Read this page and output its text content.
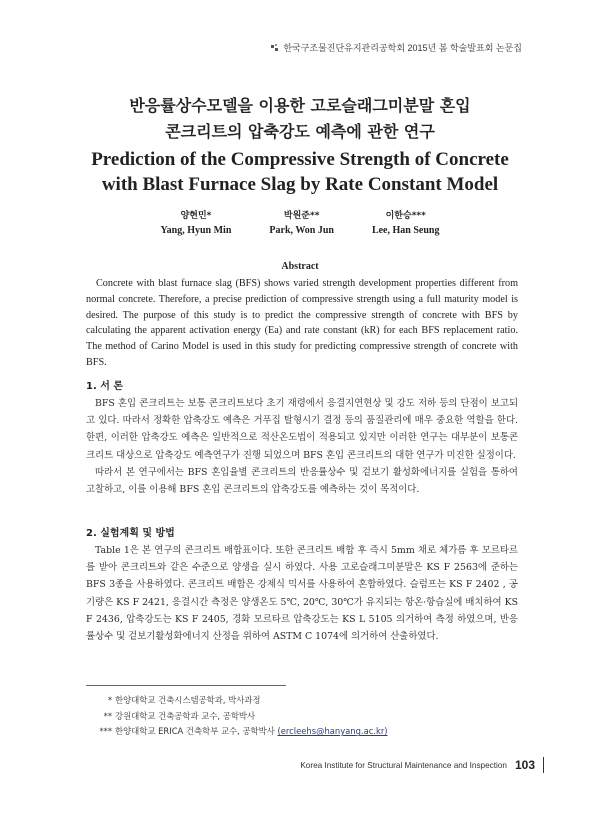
한국구조물진단유지관리공학회 2015년 봄 학술발표회 논문집
반응률상수모델을 이용한 고로슬래그미분말 혼입
콘크리트의 압축강도 예측에 관한 연구
Prediction of the Compressive Strength of Concrete
with Blast Furnace Slag by Rate Constant Model
양현민*
Yang, Hyun Min
박원준**
Park, Won Jun
이한승***
Lee, Han Seung
Abstract

Concrete with blast furnace slag (BFS) shows varied strength development properties different from normal concrete. Therefore, a precise prediction of compressive strength using a full maturity model is desired. The purpose of this study is to predict the compressive strength of concrete with BFS by calculating the apparent activation energy (Ea) and rate constant (kR) for each BFS replacement ratio. The method of Carino Model is used in this study for predicting compressive strength of concrete with BFS.

1. 서 론

BFS 혼입 콘크리트는 보통 콘크리트보다 초기 재령에서 응결지연현상 및 강도 저하 등의 단점이 보고되고 있다. 따라서 정확한 압축강도 예측은 거푸집 탈형시기 결정 등의 품질관리에 매우 중요한 역할을 한다. 한편, 이러한 압축강도 예측은 일반적으로 적산온도법이 적용되고 있지만 이러한 연구는 대부분이 보통콘크리트 대상으로 압축강도 예측연구가 진행 되었으며 BFS 혼입 콘크리트의 대한 연구가 미진한 실정이다.

따라서 본 연구에서는 BFS 혼입율별 콘크리트의 반응률상수 및 겉보기 활성화에너지를 실험을 통하여 고찰하고, 이를 이용해 BFS 혼입 콘크리트의 압축강도를 예측하는 것이 목적이다.

2. 실험계획 및 방법

Table 1은 본 연구의 콘크리트 배합표이다. 또한 콘크리트 배합 후 즉시 5mm 채로 체가름 후 모르타르를 받아 콘크리트와 같은 수준으로 양생을 실시 하였다. 사용 고로슬래그미분말은 KS F 2563에 준하는 BFS 3종을 사용하였다. 콘크리트 배합은 강제식 믹서를 사용하여 혼합하였다. 슬럼프는 KS F 2402 , 공기량은 KS F 2421, 응결시간 측정은 양생온도 5℃, 20℃, 30℃가 유지되는 항온·항습실에 배치하여 KS F 2436, 압축강도는 KS F 2405, 경화 모르타르 압축강도는 KS L 5105 의거하여 측정 하였으며, 반응률상수 및 겉보기활성화에너지 산정을 위하여 ASTM C 1074에 의거하여 산출하였다.

* 한양대학교 건축시스템공학과, 박사과정
** 강원대학교 건축공학과 교수, 공학박사
*** 한양대학교 ERICA 건축학부 교수, 공학박사 (ercleehs@hanyang.ac.kr)
Korea Institute for Structural Maintenance and Inspection 103
